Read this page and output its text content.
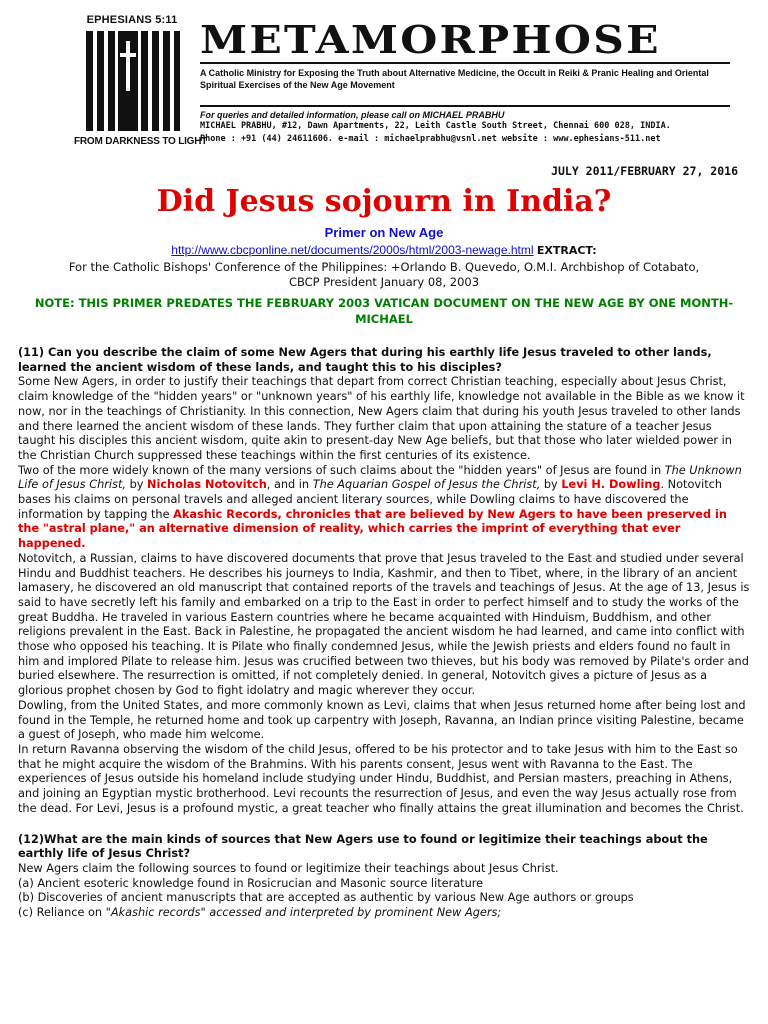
EPHESIANS 5:11
FROM DARKNESS TO LIGHT
METAMORPHOSE
A Catholic Ministry for Exposing the Truth about Alternative Medicine, the Occult in Reiki & Pranic Healing and Oriental Spiritual Exercises of the New Age Movement
For queries and detailed information, please call on MICHAEL PRABHU
MICHAEL PRABHU, #12, Dawn Apartments, 22, Leith Castle South Street, Chennai 600 028, INDIA.
Phone : +91 (44) 24611606. e-mail : michaelprabhu@vsnl.net website : www.ephesians-511.net
JULY 2011/FEBRUARY 27, 2016
Did Jesus sojourn in India?
Primer on New Age
http://www.cbcponline.net/documents/2000s/html/2003-newage.html EXTRACT:
For the Catholic Bishops' Conference of the Philippines: +Orlando B. Quevedo, O.M.I. Archbishop of Cotabato,
CBCP President January 08, 2003
NOTE: THIS PRIMER PREDATES THE FEBRUARY 2003 VATICAN DOCUMENT ON THE NEW AGE BY ONE MONTH- MICHAEL

(11) Can you describe the claim of some New Agers that during his earthly life Jesus traveled to other lands, learned the ancient wisdom of these lands, and taught this to his disciples?

Some New Agers, in order to justify their teachings that depart from correct Christian teaching, especially about Jesus Christ, claim knowledge of the "hidden years" or "unknown years" of his earthly life, knowledge not available in the Bible as we know it now, nor in the teachings of Christianity. In this connection, New Agers claim that during his youth Jesus traveled to other lands and there learned the ancient wisdom of these lands. They further claim that upon attaining the stature of a teacher Jesus taught his disciples this ancient wisdom, quite akin to present-day New Age beliefs, but that those who later wielded power in the Christian Church suppressed these teachings within the first centuries of its existence.

Two of the more widely known of the many versions of such claims about the "hidden years" of Jesus are found in The Unknown Life of Jesus Christ, by Nicholas Notovitch, and in The Aquarian Gospel of Jesus the Christ, by Levi H. Dowling. Notovitch bases his claims on personal travels and alleged ancient literary sources, while Dowling claims to have discovered the information by tapping the Akashic Records, chronicles that are believed by New Agers to have been preserved in the "astral plane," an alternative dimension of reality, which carries the imprint of everything that ever happened.

Notovitch, a Russian, claims to have discovered documents that prove that Jesus traveled to the East and studied under several Hindu and Buddhist teachers. He describes his journeys to India, Kashmir, and then to Tibet, where, in the library of an ancient lamasery, he discovered an old manuscript that contained reports of the travels and teachings of Jesus. At the age of 13, Jesus is said to have secretly left his family and embarked on a trip to the East in order to perfect himself and to study the works of the great Buddha. He traveled in various Eastern countries where he became acquainted with Hinduism, Buddhism, and other religions prevalent in the East. Back in Palestine, he propagated the ancient wisdom he had learned, and came into conflict with those who opposed his teaching. It is Pilate who finally condemned Jesus, while the Jewish priests and elders found no fault in him and implored Pilate to release him. Jesus was crucified between two thieves, but his body was removed by Pilate's order and buried elsewhere. The resurrection is omitted, if not completely denied. In general, Notovitch gives a picture of Jesus as a glorious prophet chosen by God to fight idolatry and magic wherever they occur.

Dowling, from the United States, and more commonly known as Levi, claims that when Jesus returned home after being lost and found in the Temple, he returned home and took up carpentry with Joseph, Ravanna, an Indian prince visiting Palestine, became a guest of Joseph, who made him welcome.

In return Ravanna observing the wisdom of the child Jesus, offered to be his protector and to take Jesus with him to the East so that he might acquire the wisdom of the Brahmins. With his parents consent, Jesus went with Ravanna to the East. The experiences of Jesus outside his homeland include studying under Hindu, Buddhist, and Persian masters, preaching in Athens, and joining an Egyptian mystic brotherhood. Levi recounts the resurrection of Jesus, and even the way Jesus actually rose from the dead. For Levi, Jesus is a profound mystic, a great teacher who finally attains the great illumination and becomes the Christ.

(12)What are the main kinds of sources that New Agers use to found or legitimize their teachings about the earthly life of Jesus Christ?

New Agers claim the following sources to found or legitimize their teachings about Jesus Christ.

(a) Ancient esoteric knowledge found in Rosicrucian and Masonic source literature

(b) Discoveries of ancient manuscripts that are accepted as authentic by various New Age authors or groups

(c) Reliance on "Akashic records" accessed and interpreted by prominent New Agers;
